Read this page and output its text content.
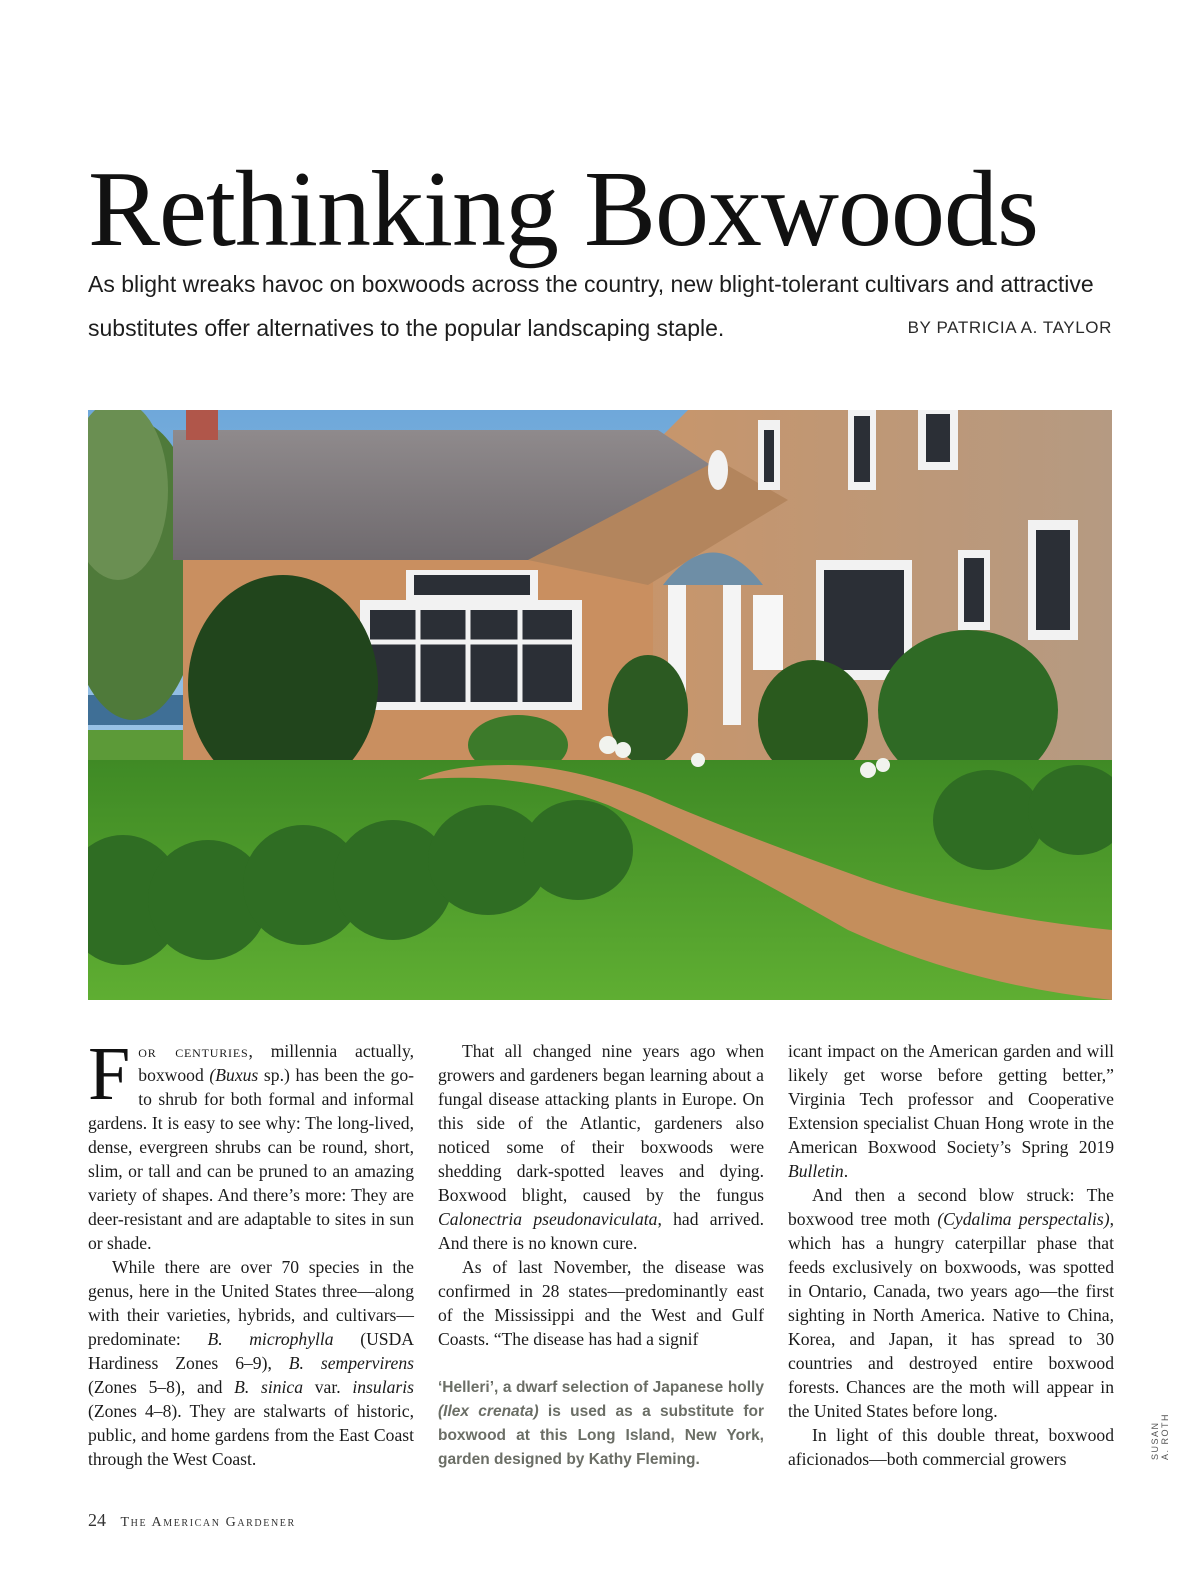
Rethinking Boxwoods
As blight wreaks havoc on boxwoods across the country, new blight-tolerant cultivars and attractive substitutes offer alternatives to the popular landscaping staple.	BY PATRICIA A. TAYLOR

For centuries, millennia actually, boxwood (Buxus sp.) has been the go-to shrub for both formal and informal gardens. It is easy to see why: The long-lived, dense, evergreen shrubs can be round, short, slim, or tall and can be pruned to an amazing variety of shapes. And there’s more: They are deer-resistant and are adaptable to sites in sun or shade.

While there are over 70 species in the genus, here in the United States three—along with their varieties, hybrids, and cultivars—predominate: B. microphylla (USDA Hardiness Zones 6–9), B. sempervirens (Zones 5–8), and B. sinica var. insularis (Zones 4–8). They are stalwarts of historic, public, and home gardens from the East Coast through the West Coast.

That all changed nine years ago when growers and gardeners began learning about a fungal disease attacking plants in Europe. On this side of the Atlantic, gardeners also noticed some of their boxwoods were shedding dark-spotted leaves and dying. Boxwood blight, caused by the fungus Calonectria pseudonaviculata, had arrived. And there is no known cure.

As of last November, the disease was confirmed in 28 states—predominantly east of the Mississippi and the West and Gulf Coasts. “The disease has had a signif

‘Helleri’, a dwarf selection of Japanese holly (Ilex crenata) is used as a substitute for boxwood at this Long Island, New York, garden designed by Kathy Fleming.

icant impact on the American garden and will likely get worse before getting better,” Virginia Tech professor and Cooperative Extension specialist Chuan Hong wrote in the American Boxwood Society’s Spring 2019 Bulletin.

And then a second blow struck: The boxwood tree moth (Cydalima perspectalis), which has a hungry caterpillar phase that feeds exclusively on boxwoods, was spotted in Ontario, Canada, two years ago—the first sighting in North America. Native to China, Korea, and Japan, it has spread to 30 countries and destroyed entire boxwood forests. Chances are the moth will appear in the United States before long.

In light of this double threat, boxwood aficionados—both commercial growers	SUSAN A. ROTH
24 The American Gardener
